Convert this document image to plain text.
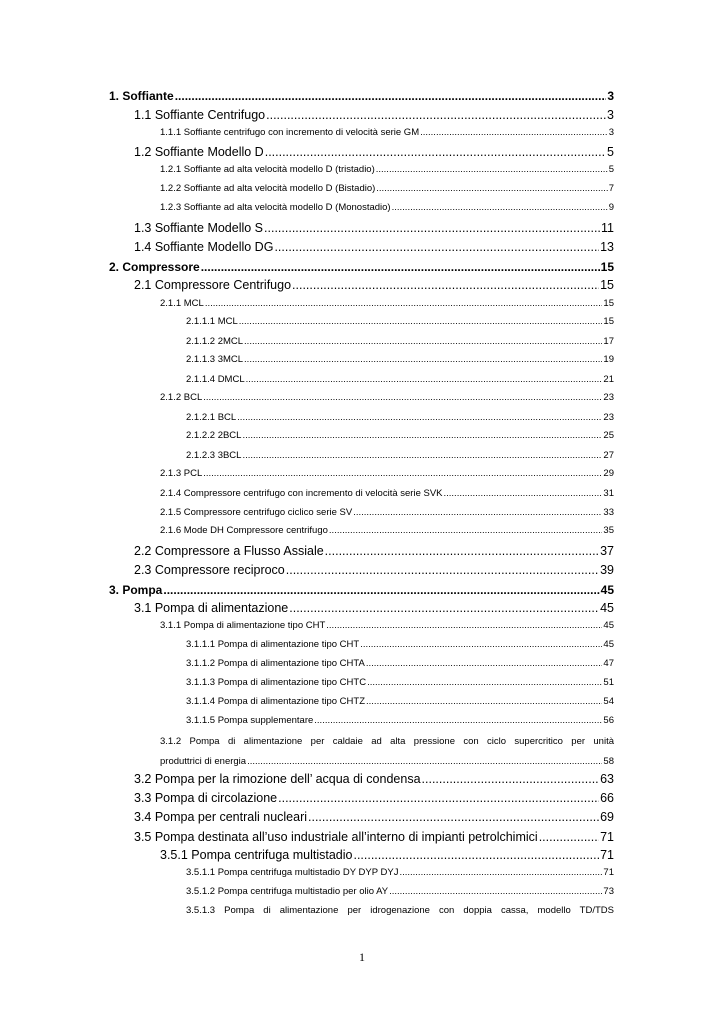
1. Soffiante .....	3
1.1 Soffiante Centrifugo .....	3
1.1.1 Soffiante centrifugo con incremento di velocità serie GM .....	3
1.2 Soffiante Modello D .....	5
1.2.1 Soffiante ad alta velocità modello D (tristadio) .....	5
1.2.2 Soffiante ad alta velocità modello D (Bistadio) .....	7
1.2.3 Soffiante ad alta velocità modello D (Monostadio) .....	9
1.3 Soffiante Modello S .....	11
1.4 Soffiante Modello DG .....	13
2. Compressore .....	15
2.1 Compressore Centrifugo .....	15
2.1.1 MCL .....	15
2.1.1.1 MCL .....	15
2.1.1.2 2MCL .....	17
2.1.1.3 3MCL .....	19
2.1.1.4 DMCL .....	21
2.1.2 BCL .....	23
2.1.2.1 BCL .....	23
2.1.2.2 2BCL .....	25
2.1.2.3 3BCL .....	27
2.1.3 PCL .....	29
2.1.4 Compressore centrifugo con incremento di velocità serie SVK .....	31
2.1.5 Compressore centrifugo ciclico serie SV .....	33
2.1.6 Mode DH Compressore centrifugo .....	35
2.2 Compressore a Flusso Assiale .....	37
2.3 Compressore reciproco .....	39
3. Pompa .....	45
3.1 Pompa di alimentazione .....	45
3.1.1 Pompa di alimentazione tipo CHT .....	45
3.1.1.1 Pompa di alimentazione tipo CHT .....	45
3.1.1.2 Pompa di alimentazione tipo CHTA .....	47
3.1.1.3 Pompa di alimentazione tipo CHTC .....	51
3.1.1.4 Pompa di alimentazione tipo CHTZ .....	54
3.1.1.5 Pompa supplementare .....	56
3.1.2 Pompa di alimentazione per caldaie ad alta pressione con ciclo supercritico per unità
produttrici di energia .....	58
3.2 Pompa per la rimozione dell’ acqua di condensa .....	63
3.3 Pompa di circolazione .....	66
3.4 Pompa per centrali nucleari .....	69
3.5 Pompa destinata all’uso industriale all’interno di impianti petrolchimici .....	71
3.5.1 Pompa centrifuga multistadio .....	71
3.5.1.1 Pompa centrifuga multistadio DY DYP DYJ .....	71
3.5.1.2 Pompa centrifuga multistadio per olio AY .....	73
3.5.1.3 Pompa di alimentazione per idrogenazione con doppia cassa, modello TD/TDS
1
